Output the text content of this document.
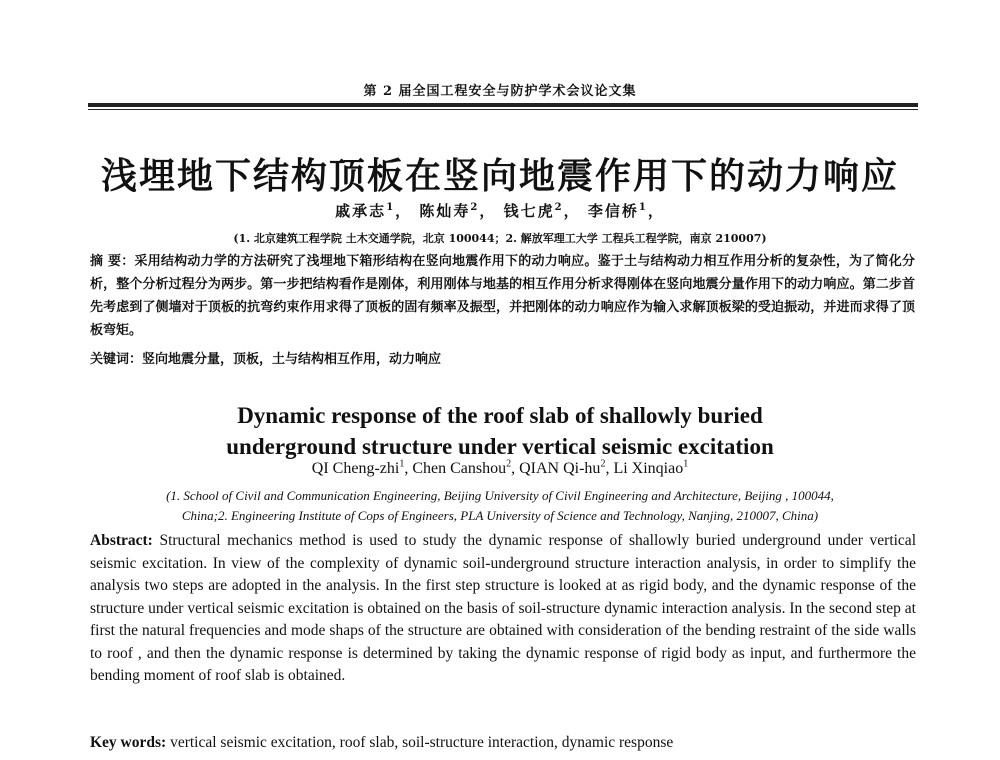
第 2 届全国工程安全与防护学术会议论文集
浅埋地下结构顶板在竖向地震作用下的动力响应
戚承志$^1$， 陈灿寿$^2$， 钱七虎$^2$， 李信桥$^1$，
(1. 北京建筑工程学院 土木交通学院，北京 100044；2. 解放军理工大学 工程兵工程学院，南京 210007)
摘 要：采用结构动力学的方法研究了浅埋地下箱形结构在竖向地震作用下的动力响应。鉴于土与结构动力相互作用分析的复杂性，为了简化分析，整个分析过程分为两步。第一步把结构看作是刚体，利用刚体与地基的相互作用分析求得刚体在竖向地震分量作用下的动力响应。第二步首先考虑到了侧墙对于顶板的抗弯约束作用求得了顶板的固有频率及振型，并把刚体的动力响应作为输入求解顶板梁的受迫振动，并进而求得了顶板弯矩。
关键词：竖向地震分量，顶板，土与结构相互作用，动力响应
Dynamic response of the roof slab of shallowly buried
underground structure under vertical seismic excitation
QI Cheng-zhi$^1$, Chen Canshou$^2$, QIAN $Qi-hu^2$, Li Xinqiao$^1$
(1. School of Civil and Communication Engineering, Beijing University of Civil Engineering and Architecture, Beijing , 100044,
China;2. Engineering Institute of Cops of Engineers, PLA University of Science and Technology, Nanjing, 210007, China)
Abstract: Structural mechanics method is used to study the dynamic response of shallowly buried underground under vertical seismic excitation. In view of the complexity of dynamic soil-underground structure interaction analysis, in order to simplify the analysis two steps are adopted in the analysis. In the first step structure is looked at as rigid body, and the dynamic response of the structure under vertical seismic excitation is obtained on the basis of soil-structure dynamic interaction analysis. In the second step at first the natural frequencies and mode shaps of the structure are obtained with consideration of the bending restraint of the side walls to roof , and then the dynamic response is determined by taking the dynamic response of rigid body as input, and furthermore the bending moment of roof slab is obtained.
Key words: vertical seismic excitation, roof slab, soil-structure interaction, dynamic response
